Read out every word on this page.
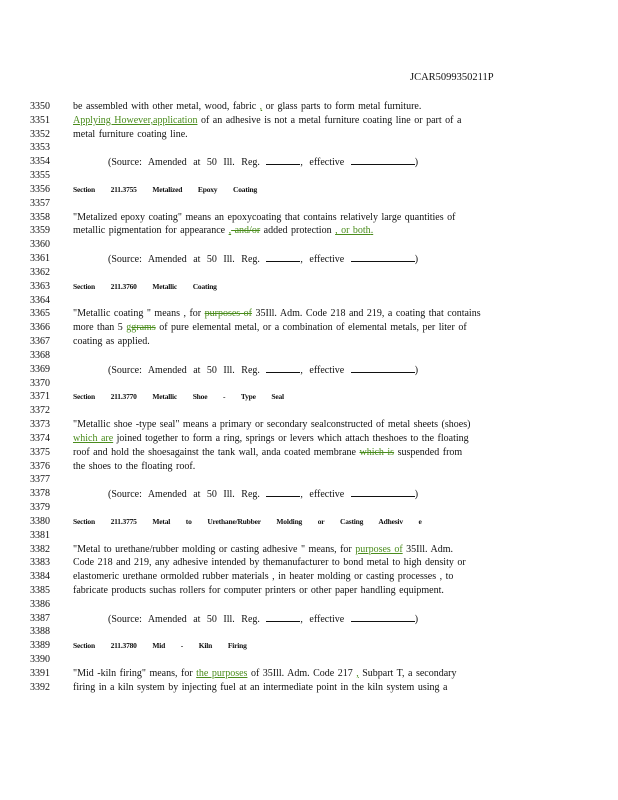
JCAR5099350211P
3350	be assembled with other metal, wood, fabric , or glass parts to form metal furniture.
3351	Applying However,application of an adhesive is not a metal furniture coating line or part of a
3352	metal furniture coating line.
3353
3354	(Source: Amended at 50 Ill. Reg.	, effective	)
3355
3356	Section 211.3755 Metalized Epoxy Coating
3357
3358	"Metalized epoxy coating" means an epoxycoating that contains relatively large quantities of
3359	metallic pigmentation for appearance , and/or added protection , or both.
3360
3361	(Source: Amended at 50 Ill. Reg.	, effective	)
3362
3363	Section 211.3760 Metallic Coating
3364
3365	"Metallic coating " means , for purposes of 35Ill. Adm. Code 218 and 219, a coating that contains
3366	more than 5 ggrams of pure elemental metal, or a combination of elemental metals, per liter of
3367	coating as applied.
3368
3369	(Source: Amended at 50 Ill. Reg.	, effective	)
3370
3371	Section 211.3770 Metallic Shoe - Type Seal
3372
3373	"Metallic shoe -type seal" means a primary or secondary sealconstructed of metal sheets (shoes)
3374	which are joined together to form a ring, springs or levers which attach theshoes to the floating
3375	roof and hold the shoesagainst the tank wall, anda coated membrane which is suspended from
3376	the shoes to the floating roof.
3377
3378	(Source: Amended at 50 Ill. Reg.	, effective	)
3379
3380	Section 211.3775 Metal to Urethane/Rubber Molding or Casting Adhesiv e
3381
3382	"Metal to urethane/rubber molding or casting adhesive " means, for purposes of 35Ill. Adm.
3383	Code 218 and 219, any adhesive intended by themanufacturer to bond metal to high density or
3384	elastomeric urethane ormolded rubber materials , in heater molding or casting processes , to
3385	fabricate products suchas rollers for computer printers or other paper handling equipment.
3386
3387	(Source: Amended at 50 Ill. Reg.	, effective	)
3388
3389	Section 211.3780 Mid - Kiln Firing
3390
3391	"Mid -kiln firing" means, for the purposes of 35Ill. Adm. Code 217 , Subpart T, a secondary
3392	firing in a kiln system by injecting fuel at an intermediate point in the kiln system using a
